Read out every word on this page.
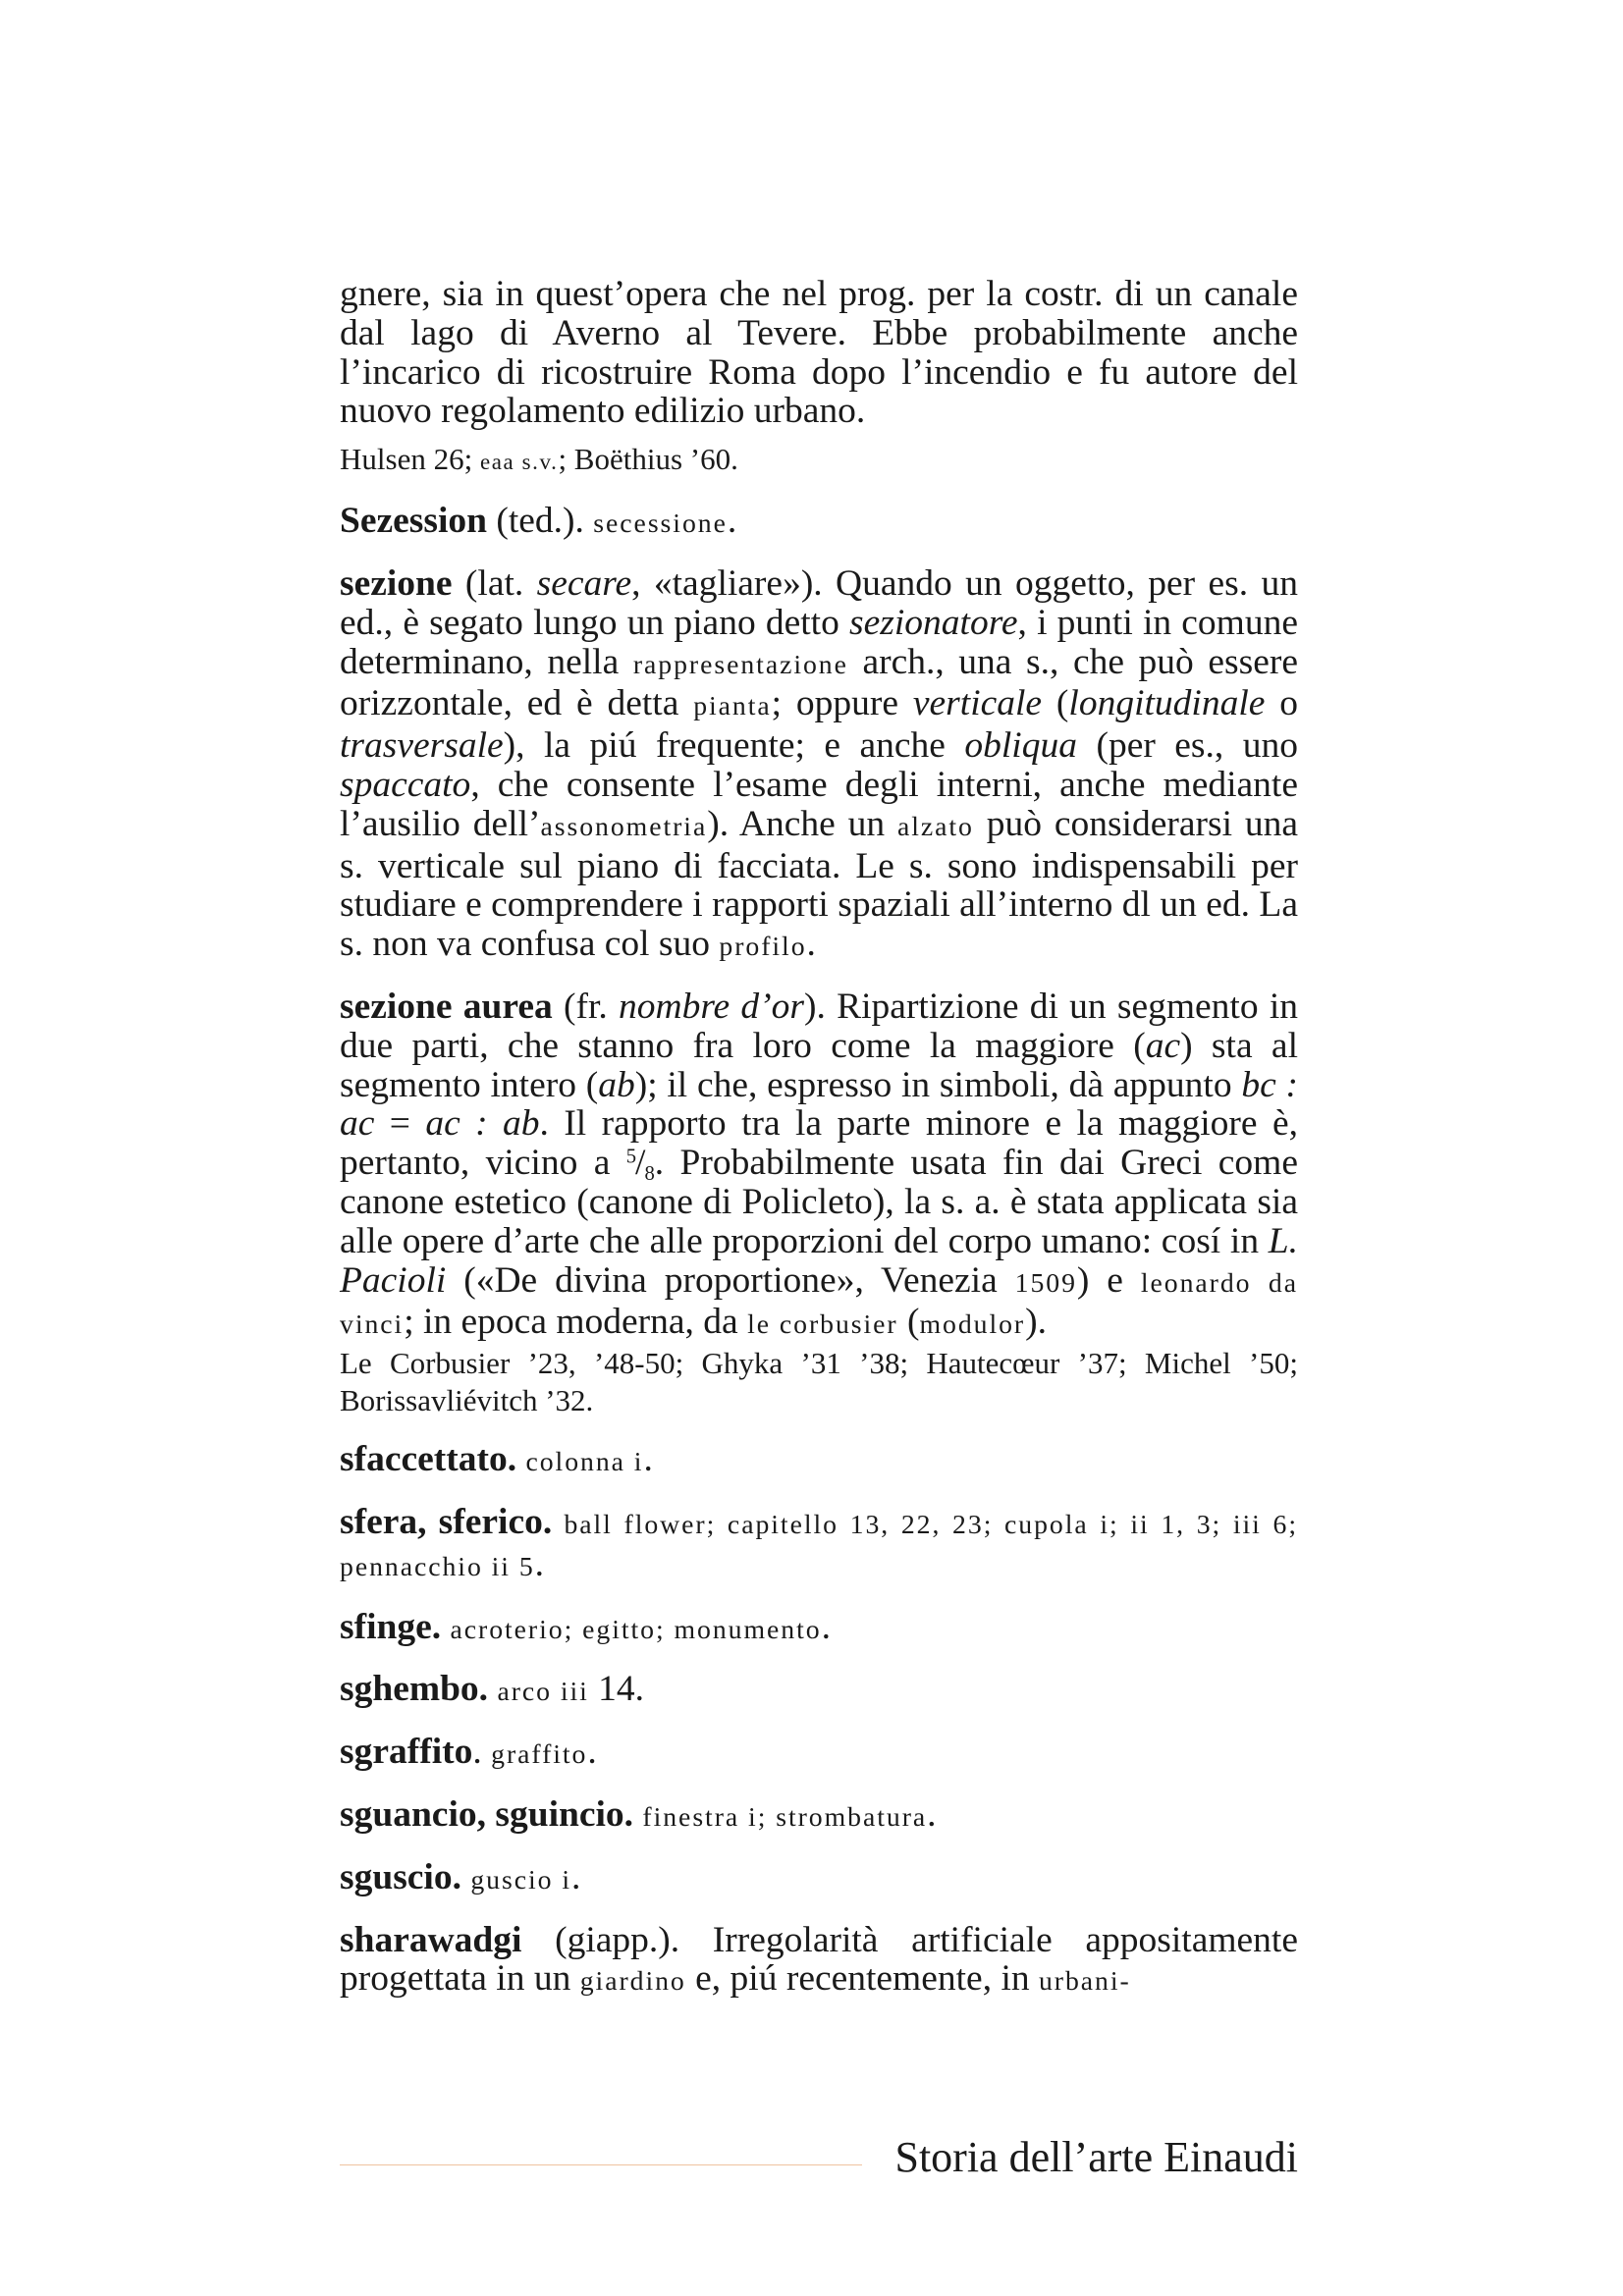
gnere, sia in quest’opera che nel prog. per la costr. di un canale dal lago di Averno al Tevere. Ebbe probabilmente anche l’incarico di ricostruire Roma dopo l’incendio e fu autore del nuovo regolamento edilizio urbano.

Hulsen 26; eaa s.v.; Boëthius ’60.

Sezession (ted.). secessione.

sezione (lat. secare, «tagliare»). Quando un oggetto, per es. un ed., è segato lungo un piano detto sezionatore, i punti in comune determinano, nella rappresentazione arch., una s., che può essere orizzontale, ed è detta pianta; oppure verticale (longitudinale o trasversale), la piú frequente; e anche obliqua (per es., uno spaccato, che consente l’esame degli interni, anche mediante l’ausilio dell’assonometria). Anche un alzato può considerarsi una s. verticale sul piano di facciata. Le s. sono indispensabili per studiare e comprendere i rapporti spaziali all’interno dl un ed. La s. non va confusa col suo profilo.

sezione aurea (fr. nombre d’or). Ripartizione di un segmento in due parti, che stanno fra loro come la maggiore (ac) sta al segmento intero (ab); il che, espresso in simboli, dà appunto bc : ac = ac : ab. Il rapporto tra la parte minore e la maggiore è, pertanto, vicino a $^5/_8$. Probabilmente usata fin dai Greci come canone estetico (canone di Policleto), la s. a. è stata applicata sia alle opere d’arte che alle proporzioni del corpo umano: cosí in L. Pacioli («De divina proportione», Venezia 1509) e leonardo da vinci; in epoca moderna, da le corbusier (modulor).

Le Corbusier ’23, ’48-50; Ghyka ’31 ’38; Hautecœur ’37; Michel ’50; Borissavliévitch ’32.

sfaccettato. colonna i.

sfera, sferico. ball flower; capitello 13, 22, 23; cupola i; ii 1, 3; iii 6; pennacchio ii 5.

sfinge. acroterio; egitto; monumento.

sghembo. arco iii 14.

sgraffito. graffito.

sguancio, sguincio. finestra i; strombatura.

sguscio. guscio i.

sharawadgi (giapp.). Irregolarità artificiale appositamente progettata in un giardino e, piú recentemente, in urbani-

Storia dell’arte Einaudi
